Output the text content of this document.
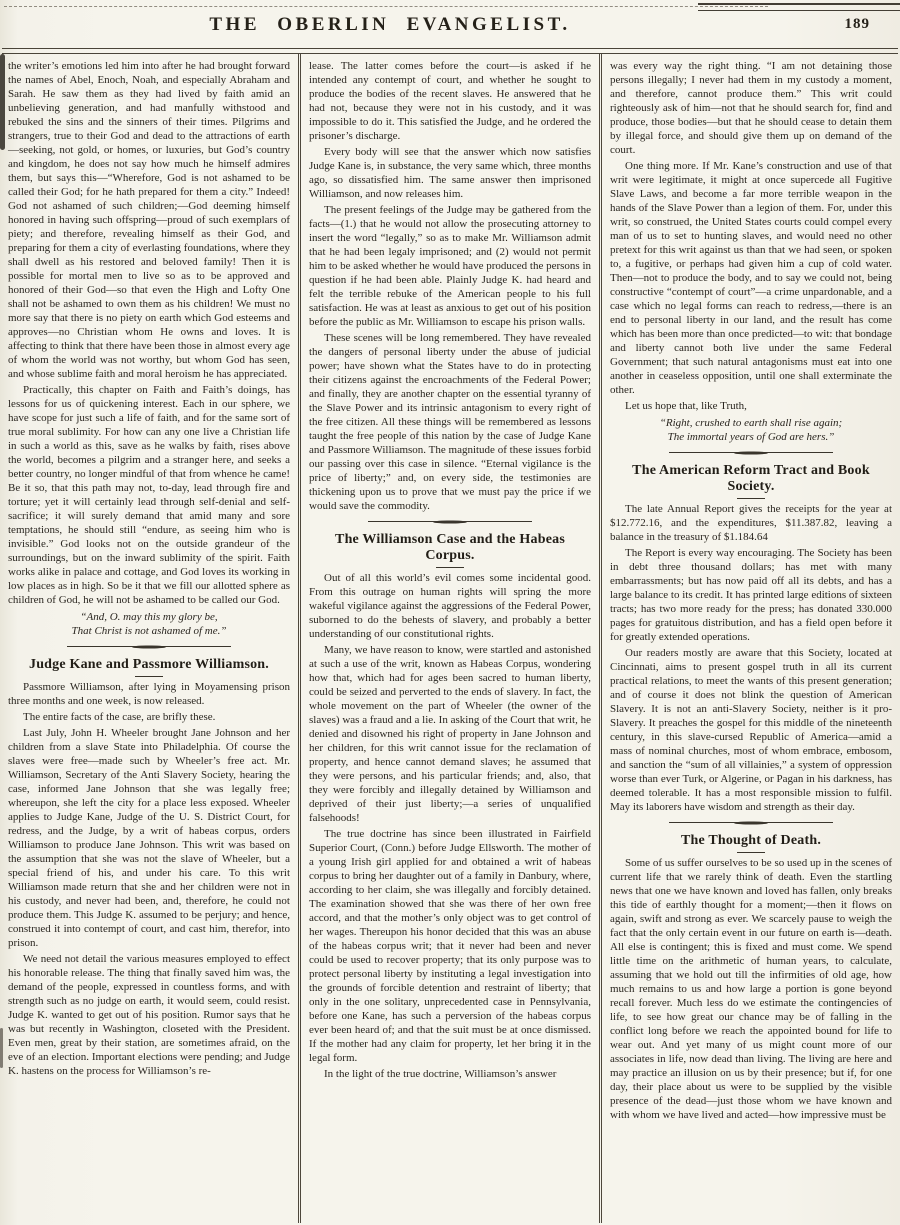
THE OBERLIN EVANGELIST.	189

the writer’s emotions led him into after he had brought forward the names of Abel, Enoch, Noah, and especially Abraham and Sarah. He saw them as they had lived by faith amid an unbelieving generation, and had manfully withstood and rebuked the sins and the sinners of their times. Pilgrims and strangers, true to their God and dead to the attractions of earth—seeking, not gold, or homes, or luxuries, but God’s country and kingdom, he does not say how much he himself admires them, but says this—“Wherefore, God is not ashamed to be called their God; for he hath prepared for them a city.” Indeed! God not ashamed of such children;—God deeming himself honored in having such offspring—proud of such exemplars of piety; and therefore, revealing himself as their God, and preparing for them a city of everlasting foundations, where they shall dwell as his restored and beloved family! Then it is possible for mortal men to live so as to be approved and honored of their God—so that even the High and Lofty One shall not be ashamed to own them as his children! We must no more say that there is no piety on earth which God esteems and approves—no Christian whom He owns and loves. It is affecting to think that there have been those in almost every age of whom the world was not worthy, but whom God has seen, and whose sublime faith and moral heroism he has appreciated.

Practically, this chapter on Faith and Faith’s doings, has lessons for us of quickening interest. Each in our sphere, we have scope for just such a life of faith, and for the same sort of true moral sublimity. For how can any one live a Christian life in such a world as this, save as he walks by faith, rises above the world, becomes a pilgrim and a stranger here, and seeks a better country, no longer mindful of that from whence he came! Be it so, that this path may not, to-day, lead through fire and torture; yet it will certainly lead through self-denial and self-sacrifice; it will surely demand that amid many and sore temptations, he should still “endure, as seeing him who is invisible.” God looks not on the outside grandeur of the surroundings, but on the inward sublimity of the spirit. Faith works alike in palace and cottage, and God loves its working in low places as in high. So be it that we fill our allotted sphere as children of God, he will not be ashamed to be called our God.

“And, O. may this my glory be,
That Christ is not ashamed of me.”
Judge Kane and Passmore Williamson.

Passmore Williamson, after lying in Moyamensing prison three months and one week, is now released.

The entire facts of the case, are brifly these.

Last July, John H. Wheeler brought Jane Johnson and her children from a slave State into Philadelphia. Of course the slaves were free—made such by Wheeler’s free act. Mr. Williamson, Secretary of the Anti Slavery Society, hearing the case, informed Jane Johnson that she was legally free; whereupon, she left the city for a place less exposed. Wheeler applies to Judge Kane, Judge of the U. S. District Court, for redress, and the Judge, by a writ of habeas corpus, orders Williamson to produce Jane Johnson. This writ was based on the assumption that she was not the slave of Wheeler, but a special friend of his, and under his care. To this writ Williamson made return that she and her children were not in his custody, and never had been, and, therefore, he could not produce them. This Judge K. assumed to be perjury; and hence, construed it into contempt of court, and cast him, therefor, into prison.

We need not detail the various measures employed to effect his honorable release. The thing that finally saved him was, the demand of the people, expressed in countless forms, and with strength such as no judge on earth, it would seem, could resist. Judge K. wanted to get out of his position. Rumor says that he was but recently in Washington, closeted with the President. Even men, great by their station, are sometimes afraid, on the eve of an election. Important elections were pending; and Judge K. hastens on the process for Williamson’s re-

lease. The latter comes before the court—is asked if he intended any contempt of court, and whether he sought to produce the bodies of the recent slaves. He answered that he had not, because they were not in his custody, and it was impossible to do it. This satisfied the Judge, and he ordered the prisoner’s discharge.

Every body will see that the answer which now satisfies Judge Kane is, in substance, the very same which, three months ago, so dissatisfied him. The same answer then imprisoned Williamson, and now releases him.

The present feelings of the Judge may be gathered from the facts—(1.) that he would not allow the prosecuting attorney to insert the word “legally,” so as to make Mr. Williamson admit that he had been legaly imprisoned; and (2) would not permit him to be asked whether he would have produced the persons in question if he had been able. Plainly Judge K. had heard and felt the terrible rebuke of the American people to his full satisfaction. He was at least as anxious to get out of his position before the public as Mr. Williamson to escape his prison walls.

These scenes will be long remembered. They have revealed the dangers of personal liberty under the abuse of judicial power; have shown what the States have to do in protecting their citizens against the encroachments of the Federal Power; and finally, they are another chapter on the essential tyranny of the Slave Power and its intrinsic antagonism to every right of the free citizen. All these things will be remembered as lessons taught the free people of this nation by the case of Judge Kane and Passmore Williamson. The magnitude of these issues forbid our passing over this case in silence. “Eternal vigilance is the price of liberty;” and, on every side, the testimonies are thickening upon us to prove that we must pay the price if we would save the commodity.

The Williamson Case and the Habeas Corpus.

Out of all this world’s evil comes some incidental good. From this outrage on human rights will spring the more wakeful vigilance against the aggressions of the Federal Power, suborned to do the behests of slavery, and probably a better understanding of our constitutional rights.

Many, we have reason to know, were startled and astonished at such a use of the writ, known as Habeas Corpus, wondering how that, which had for ages been sacred to human liberty, could be seized and perverted to the ends of slavery. In fact, the whole movement on the part of Wheeler (the owner of the slaves) was a fraud and a lie. In asking of the Court that writ, he denied and disowned his right of property in Jane Johnson and her children, for this writ cannot issue for the reclamation of property, and hence cannot demand slaves; he assumed that they were persons, and his particular friends; and, also, that they were forcibly and illegally detained by Williamson and deprived of their just liberty;—a series of unqualified falsehoods!

The true doctrine has since been illustrated in Fairfield Superior Court, (Conn.) before Judge Ellsworth. The mother of a young Irish girl applied for and obtained a writ of habeas corpus to bring her daughter out of a family in Danbury, where, according to her claim, she was illegally and forcibly detained. The examination showed that she was there of her own free accord, and that the mother’s only object was to get control of her wages. Thereupon his honor decided that this was an abuse of the habeas corpus writ; that it never had been and never could be used to recover property; that its only purpose was to protect personal liberty by instituting a legal investigation into the grounds of forcible detention and restraint of liberty; that only in the one solitary, unprecedented case in Pennsylvania, before one Kane, has such a perversion of the habeas corpus ever been heard of; and that the suit must be at once dismissed. If the mother had any claim for property, let her bring it in the legal form.

In the light of the true doctrine, Williamson’s answer

was every way the right thing. “I am not detaining those persons illegally; I never had them in my custody a moment, and therefore, cannot produce them.” This writ could righteously ask of him—not that he should search for, find and produce, those bodies—but that he should cease to detain them by illegal force, and should give them up on demand of the court.

One thing more. If Mr. Kane’s construction and use of that writ were legitimate, it might at once supercede all Fugitive Slave Laws, and become a far more terrible weapon in the hands of the Slave Power than a legion of them. For, under this writ, so construed, the United States courts could compel every man of us to set to hunting slaves, and would need no other pretext for this writ against us than that we had seen, or spoken to, a fugitive, or perhaps had given him a cup of cold water. Then—not to produce the body, and to say we could not, being constructive “contempt of court”—a crime unpardonable, and a case which no legal forms can reach to redress,—there is an end to personal liberty in our land, and the result has come which has been more than once predicted—to wit: that bondage and liberty cannot both live under the same Federal Government; that such natural antagonisms must eat into one another in ceaseless opposition, until one shall exterminate the other.

Let us hope that, like Truth,

“Right, crushed to earth shall rise again;
The immortal years of God are hers.”
The American Reform Tract and Book Society.

The late Annual Report gives the receipts for the year at $12.772.16, and the expenditures, $11.387.82, leaving a balance in the treasury of $1.184.64

The Report is every way encouraging. The Society has been in debt three thousand dollars; has met with many embarrassments; but has now paid off all its debts, and has a large balance to its credit. It has printed large editions of sixteen tracts; has two more ready for the press; has donated 330.000 pages for gratuitous distribution, and has a field open before it for greatly extended operations.

Our readers mostly are aware that this Society, located at Cincinnati, aims to present gospel truth in all its current practical relations, to meet the wants of this present generation; and of course it does not blink the question of American Slavery. It is not an anti-Slavery Society, neither is it pro-Slavery. It preaches the gospel for this middle of the nineteenth century, in this slave-cursed Republic of America—amid a mass of nominal churches, most of whom embrace, embosom, and sanction the “sum of all villainies,” a system of oppression worse than ever Turk, or Algerine, or Pagan in his darkness, has deemed tolerable. It has a most responsible mission to fulfil. May its laborers have wisdom and strength as their day.

The Thought of Death.

Some of us suffer ourselves to be so used up in the scenes of current life that we rarely think of death. Even the startling news that one we have known and loved has fallen, only breaks this tide of earthly thought for a moment;—then it flows on again, swift and strong as ever. We scarcely pause to weigh the fact that the only certain event in our future on earth is—death. All else is contingent; this is fixed and must come. We spend little time on the arithmetic of human years, to calculate, assuming that we hold out till the infirmities of old age, how much remains to us and how large a portion is gone beyond recall forever. Much less do we estimate the contingencies of life, to see how great our chance may be of falling in the conflict long before we reach the appointed bound for life to wear out. And yet many of us might count more of our associates in life, now dead than living. The living are here and may practice an illusion on us by their presence; but if, for one day, their place about us were to be supplied by the visible presence of the dead—just those whom we have known and with whom we have lived and acted—how impressive must be
